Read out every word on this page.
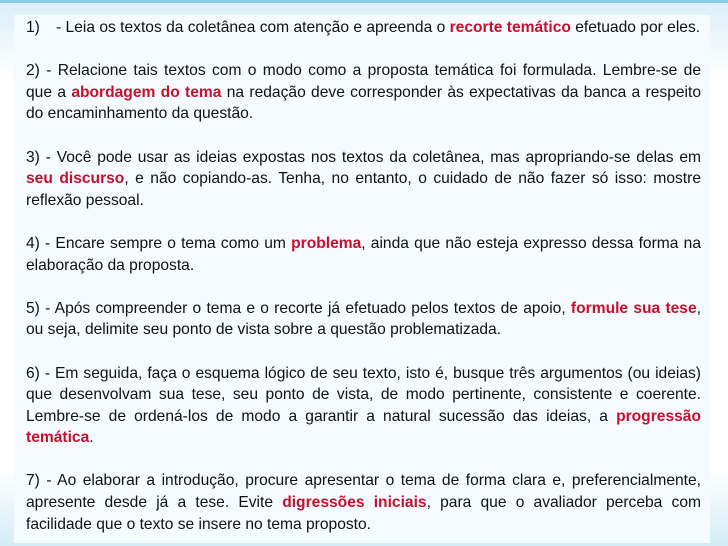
1)	- Leia os textos da coletânea com atenção e apreenda o recorte temático efetuado por eles.

2) - Relacione tais textos com o modo como a proposta temática foi formulada. Lembre-se de que a abordagem do tema na redação deve corresponder às expectativas da banca a respeito do encaminhamento da questão.

3) - Você pode usar as ideias expostas nos textos da coletânea, mas apropriando-se delas em seu discurso, e não copiando-as. Tenha, no entanto, o cuidado de não fazer só isso: mostre reflexão pessoal.

4) - Encare sempre o tema como um problema, ainda que não esteja expresso dessa forma na elaboração da proposta.

5) - Após compreender o tema e o recorte já efetuado pelos textos de apoio, formule sua tese, ou seja, delimite seu ponto de vista sobre a questão problematizada.

6) - Em seguida, faça o esquema lógico de seu texto, isto é, busque três argumentos (ou ideias) que desenvolvam sua tese, seu ponto de vista, de modo pertinente, consistente e coerente. Lembre-se de ordená-los de modo a garantir a natural sucessão das ideias, a progressão temática.

7) - Ao elaborar a introdução, procure apresentar o tema de forma clara e, preferencialmente, apresente desde já a tese. Evite digressões iniciais, para que o avaliador perceba com facilidade que o texto se insere no tema proposto.
